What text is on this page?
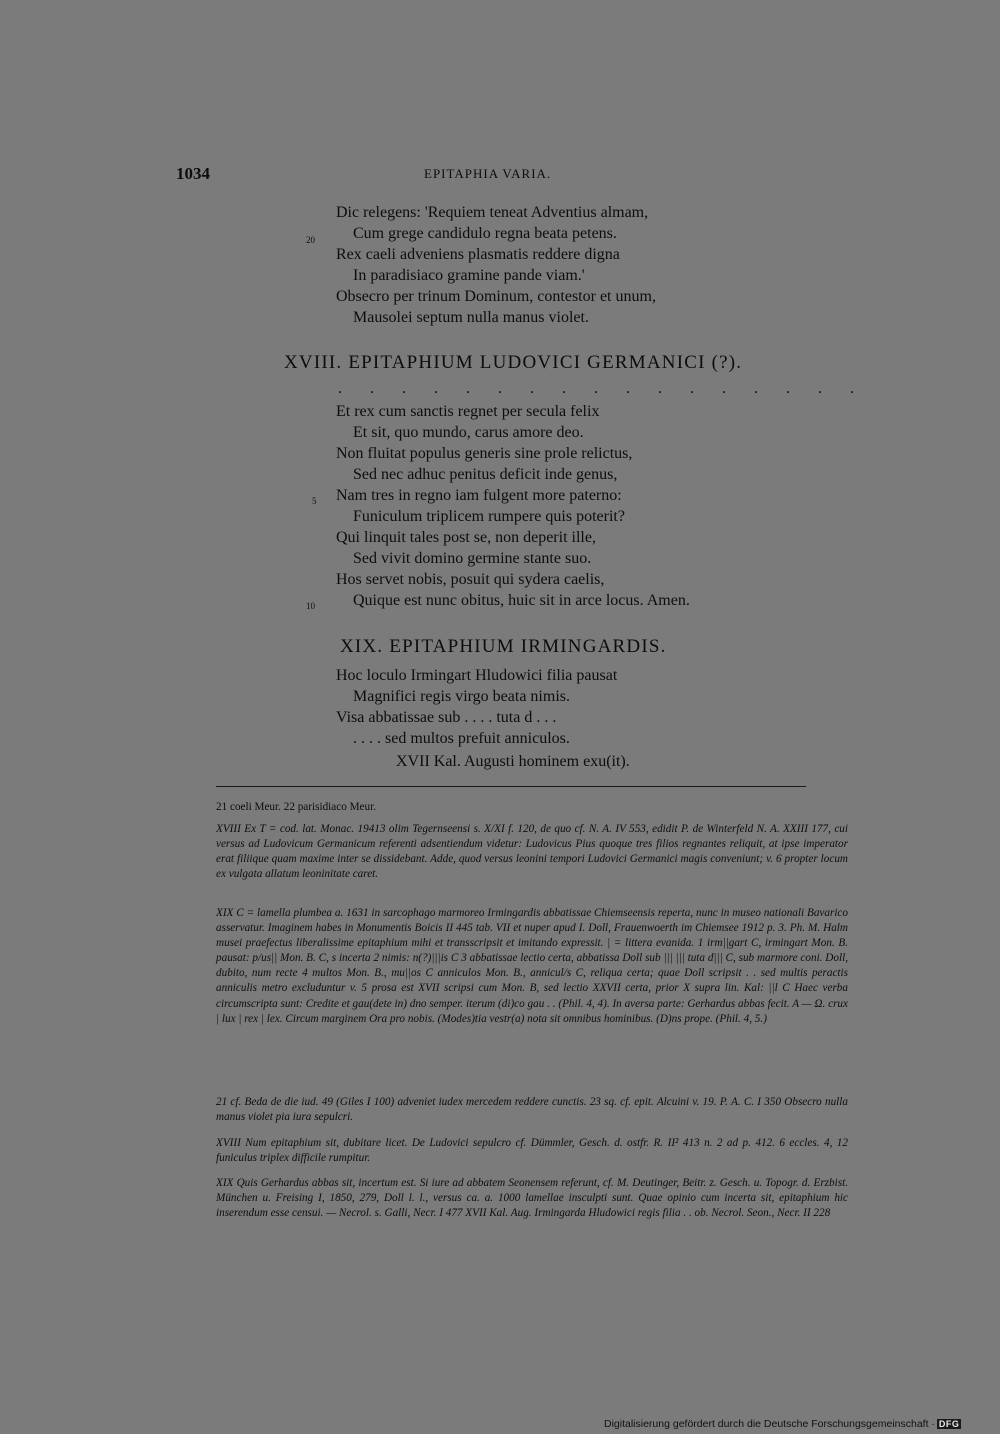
1034	EPITAPHIA VARIA.
Dic relegens: 'Requiem teneat Adventius almam,
20 Cum grege candidulo regna beata petens.
Rex caeli adveniens plasmatis reddere digna
In paradisiaco gramine pande viam.'
Obsecro per trinum Dominum, contestor et unum,
Mausolei septum nulla manus violet.
XVIII. EPITAPHIUM LUDOVICI GERMANICI (?).
. . . . . . . . . . . . . . . . .
Et rex cum sanctis regnet per secula felix
Et sit, quo mundo, carus amore deo.
Non fluitat populus generis sine prole relictus,
Sed nec adhuc penitus deficit inde genus,
5 Nam tres in regno iam fulgent more paterno:
Funiculum triplicem rumpere quis poterit?
Qui linquit tales post se, non deperit ille,
Sed vivit domino germine stante suo.
Hos servet nobis, posuit qui sydera caelis,
10 Quique est nunc obitus, huic sit in arce locus. Amen.
XIX. EPITAPHIUM IRMINGARDIS.
Hoc loculo Irmingart Hludowici filia pausat
Magnifici regis virgo beata nimis.
Visa abbatissae sub . . . . tuta d . . .
. . . . sed multos prefuit anniculos.
XVII Kal. Augusti hominem exu(it).
21 coeli Meur. 22 parisidiaco Meur.

XVIII Ex T = cod. lat. Monac. 19413 olim Tegernseensi s. X/XI f. 120, de quo cf. N. A. IV 553, edidit P. de Winterfeld N. A. XXIII 177, cui versus ad Ludovicum Germanicum referenti adsentiendum videtur: Ludovicus Pius quoque tres filios regnantes reliquit, at ipse imperator erat filiique quam maxime inter se dissidebant. Adde, quod versus leonini tempori Ludovici Germanici magis conveniunt; v. 6 propter locum ex vulgata allatum leoninitate caret.

XIX C = lamella plumbea a. 1631 in sarcophago marmoreo Irmingardis abbatissae Chiemseensis reperta, nunc in museo nationali Bavarico asservatur. Imaginem habes in Monumentis Boicis II 445 tab. VII et nuper apud I. Doll, Frauenwoerth im Chiemsee 1912 p. 3. Ph. M. Halm musei praefectus liberalissime epitaphium mihi et transscripsit et imitando expressit. | = littera evanida. 1 irm||gart C, irmingart Mon. B. pausat: p/us|| Mon. B. C, s incerta 2 nimis: n(?)|||is C 3 abbatissae lectio certa, abbatissa Doll sub ||| ||| tuta d||| C, sub marmore coni. Doll, dubito, num recte 4 multos Mon. B., mu||os C anniculos Mon. B., annicul/s C, reliqua certa; quae Doll scripsit . . sed multis peractis anniculis metro excluduntur v. 5 prosa est XVII scripsi cum Mon. B, sed lectio XXVII certa, prior X supra lin. Kal: ||l C Haec verba circumscripta sunt: Credite et gau(dete in) dno semper. iterum (di)co gau . . (Phil. 4, 4). In aversa parte: Gerhardus abbas fecit. A — Ω. crux | lux | rex | lex. Circum marginem Ora pro nobis. (Modes)tia vestr(a) nota sit omnibus hominibus. (D)ns prope. (Phil. 4, 5.)

21 cf. Beda de die iud. 49 (Giles I 100) adveniet iudex mercedem reddere cunctis. 23 sq. cf. epit. Alcuini v. 19. P. A. C. I 350 Obsecro nulla manus violet pia iura sepulcri.

XVIII Num epitaphium sit, dubitare licet. De Ludovici sepulcro cf. Dümmler, Gesch. d. ostfr. R. II² 413 n. 2 ad p. 412. 6 eccles. 4, 12 funiculus triplex difficile rumpitur.

XIX Quis Gerhardus abbas sit, incertum est. Si iure ad abbatem Seonensem referunt, cf. M. Deutinger, Beitr. z. Gesch. u. Topogr. d. Erzbist. München u. Freising I, 1850, 279, Doll l. l., versus ca. a. 1000 lamellae insculpti sunt. Quae opinio cum incerta sit, epitaphium hic inserendum esse censui. — Necrol. s. Galli, Necr. I 477 XVII Kal. Aug. Irmingarda Hludowici regis filia . . ob. Necrol. Seon., Necr. II 228

Digitalisierung gefördert durch die Deutsche Forschungsgemeinschaft · DFG
